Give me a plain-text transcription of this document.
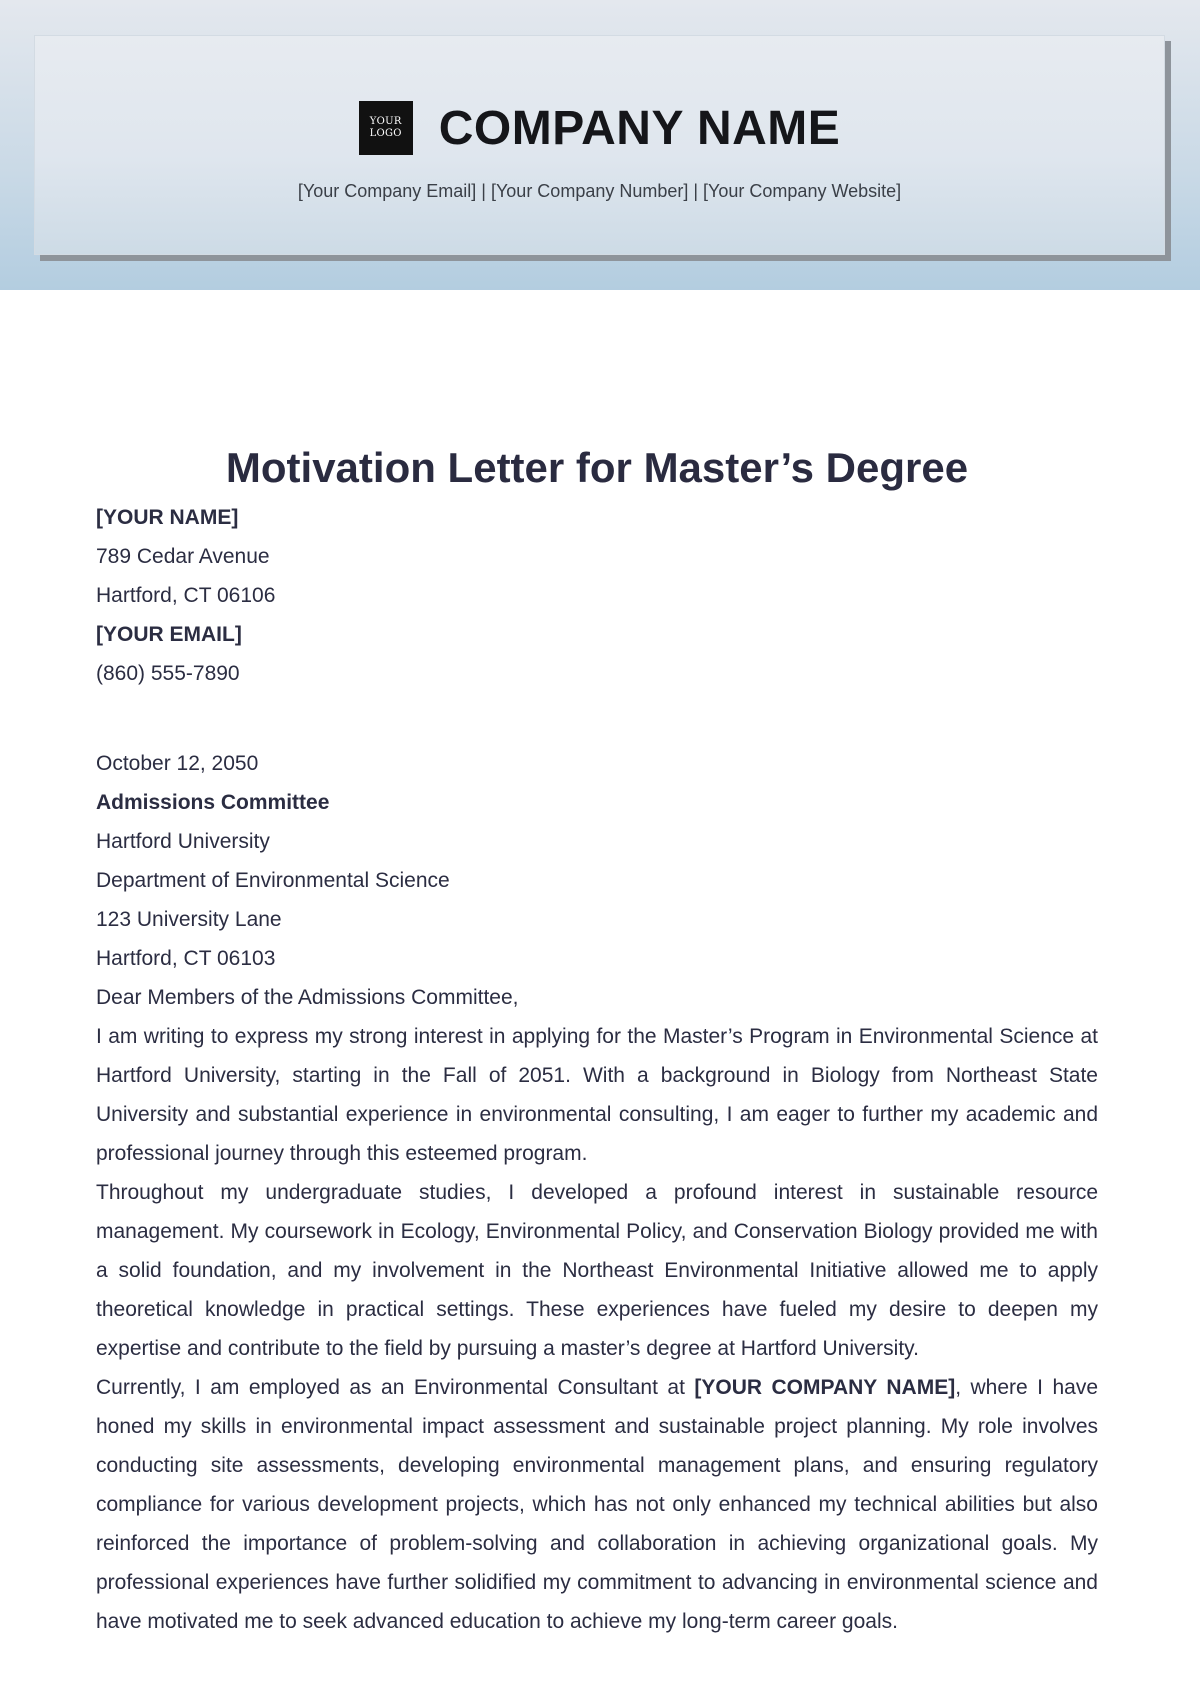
YOUR
LOGO COMPANY NAME
[Your Company Email] | [Your Company Number] | [Your Company Website]
Motivation Letter for Master’s Degree
[YOUR NAME]
789 Cedar Avenue
Hartford, CT 06106
[YOUR EMAIL]
(860) 555-7890
October 12, 2050
Admissions Committee
Hartford University
Department of Environmental Science
123 University Lane
Hartford, CT 06103
Dear Members of the Admissions Committee,

I am writing to express my strong interest in applying for the Master’s Program in Environmental Science at Hartford University, starting in the Fall of 2051. With a background in Biology from Northeast State University and substantial experience in environmental consulting, I am eager to further my academic and professional journey through this esteemed program.

Throughout my undergraduate studies, I developed a profound interest in sustainable resource management. My coursework in Ecology, Environmental Policy, and Conservation Biology provided me with a solid foundation, and my involvement in the Northeast Environmental Initiative allowed me to apply theoretical knowledge in practical settings. These experiences have fueled my desire to deepen my expertise and contribute to the field by pursuing a master’s degree at Hartford University.

Currently, I am employed as an Environmental Consultant at [YOUR COMPANY NAME], where I have honed my skills in environmental impact assessment and sustainable project planning. My role involves conducting site assessments, developing environmental management plans, and ensuring regulatory compliance for various development projects, which has not only enhanced my technical abilities but also reinforced the importance of problem-solving and collaboration in achieving organizational goals. My professional experiences have further solidified my commitment to advancing in environmental science and have motivated me to seek advanced education to achieve my long-term career goals.
